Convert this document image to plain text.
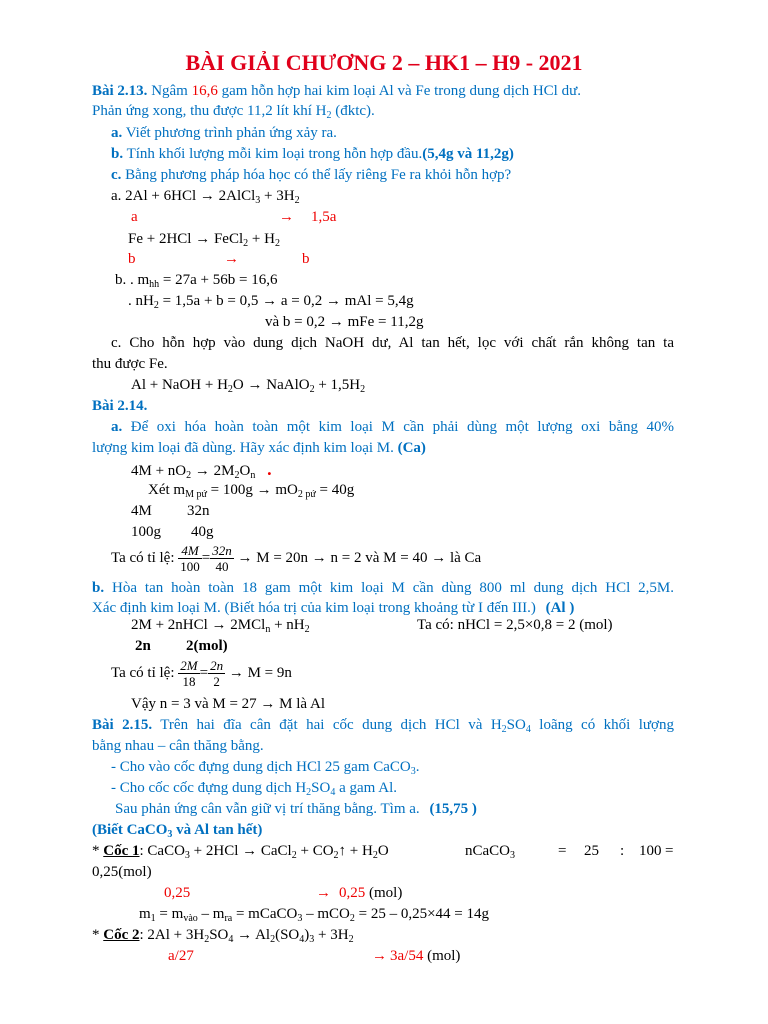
BÀI GIẢI CHƯƠNG 2 – HK1 – H9 - 2021
Bài 2.13. Ngâm 16,6 gam hỗn hợp hai kim loại Al và Fe trong dung dịch HCl dư.
Phản ứng xong, thu được 11,2 lít khí $H_2$ (đktc).
a. Viết phương trình phản ứng xảy ra.
b. Tính khối lượng mỗi kim loại trong hỗn hợp đầu.(5,4g và 11,2g)
c. Bằng phương pháp hóa học có thể lấy riêng Fe ra khỏi hỗn hợp?
a. 2Al + 6HCl → 2AlCl$_3$ + $3H_2$
a	→ 1,5a
Fe + 2HCl → FeCl$_2$ + $H_2$
b	→	b
b. . $m_{hh} = 27a + 56b = 16,6$
. $nH_2 = 1,5a + b = 0,5 \to a = 0,2$ → mAl = 5,4g
và b = 0,2 → mFe = 11,2g
c. Cho hỗn hợp vào dung dịch NaOH dư, Al tan hết, lọc với chất rắn không tan ta
thu được Fe.
Al + NaOH + $H_2O$ → NaAlO$_2$ + $1,5H_2$
Bài 2.14.
a. Để oxi hóa hoàn toàn một kim loại M cần phải dùng một lượng oxi bằng 40%
lượng kim loại đã dùng. Hãy xác định kim loại M. (Ca)
$4M + nO_2 \to 2M_2O_n$ .
Xét $m_{M pứ} = 100g \to mO_{2 pứ} = 40g$
4M 32n
100g 40g
Ta có tỉ lệ: $\frac{4M}{100} = \frac{32n}{40} \to M = 20n \to n = 2$ và M = 40 → là Ca
b. Hòa tan hoàn toàn 18 gam một kim loại M cần dùng 800 ml dung dịch HCl 2,5M.
Xác định kim loại M. (Biết hóa trị của kim loại trong khoảng từ I đến III.) (Al )
2M + 2nHCl → $2MCl_n + nH_2$	Ta có: nHCl = 2,5×0,8 = 2 (mol)
2n 2(mol)
Ta có tỉ lệ: $\frac{2M}{18} = \frac{2n}{2} \to M = 9n$
Vậy n = 3 và M = 27 → M là Al
Bài 2.15. Trên hai đĩa cân đặt hai cốc dung dịch HCl và $H_2SO_4$ loãng có khối lượng
bằng nhau – cân thăng bằng.
- Cho vào cốc đựng dung dịch HCl 25 gam CaCO$_3$.
- Cho cốc cốc đựng dung dịch $H_2SO_4$ a gam Al.
Sau phản ứng cân vẫn giữ vị trí thăng bằng. Tìm a. (15,75 )
(Biết CaCO$_3$ và Al tan hết)
* Cốc 1: CaCO$_3$ + 2HCl → CaCl$_2$ + $CO_2↑ + H_2O$	nCaCO$_3$	= 25 : 100 =
0,25(mol)
0,25	→ 0,25 (mol)
$m_1 = m_{vào} - m_{ra}$ = mCaCO$_3$ – mCO$_2$ = 25 – 0,25×44 = 14g
* Cốc 2: $2Al + 3H_2SO_4 \to Al_2(SO_4)_3 + 3H_2$
a/27	→ 3a/54 (mol)
